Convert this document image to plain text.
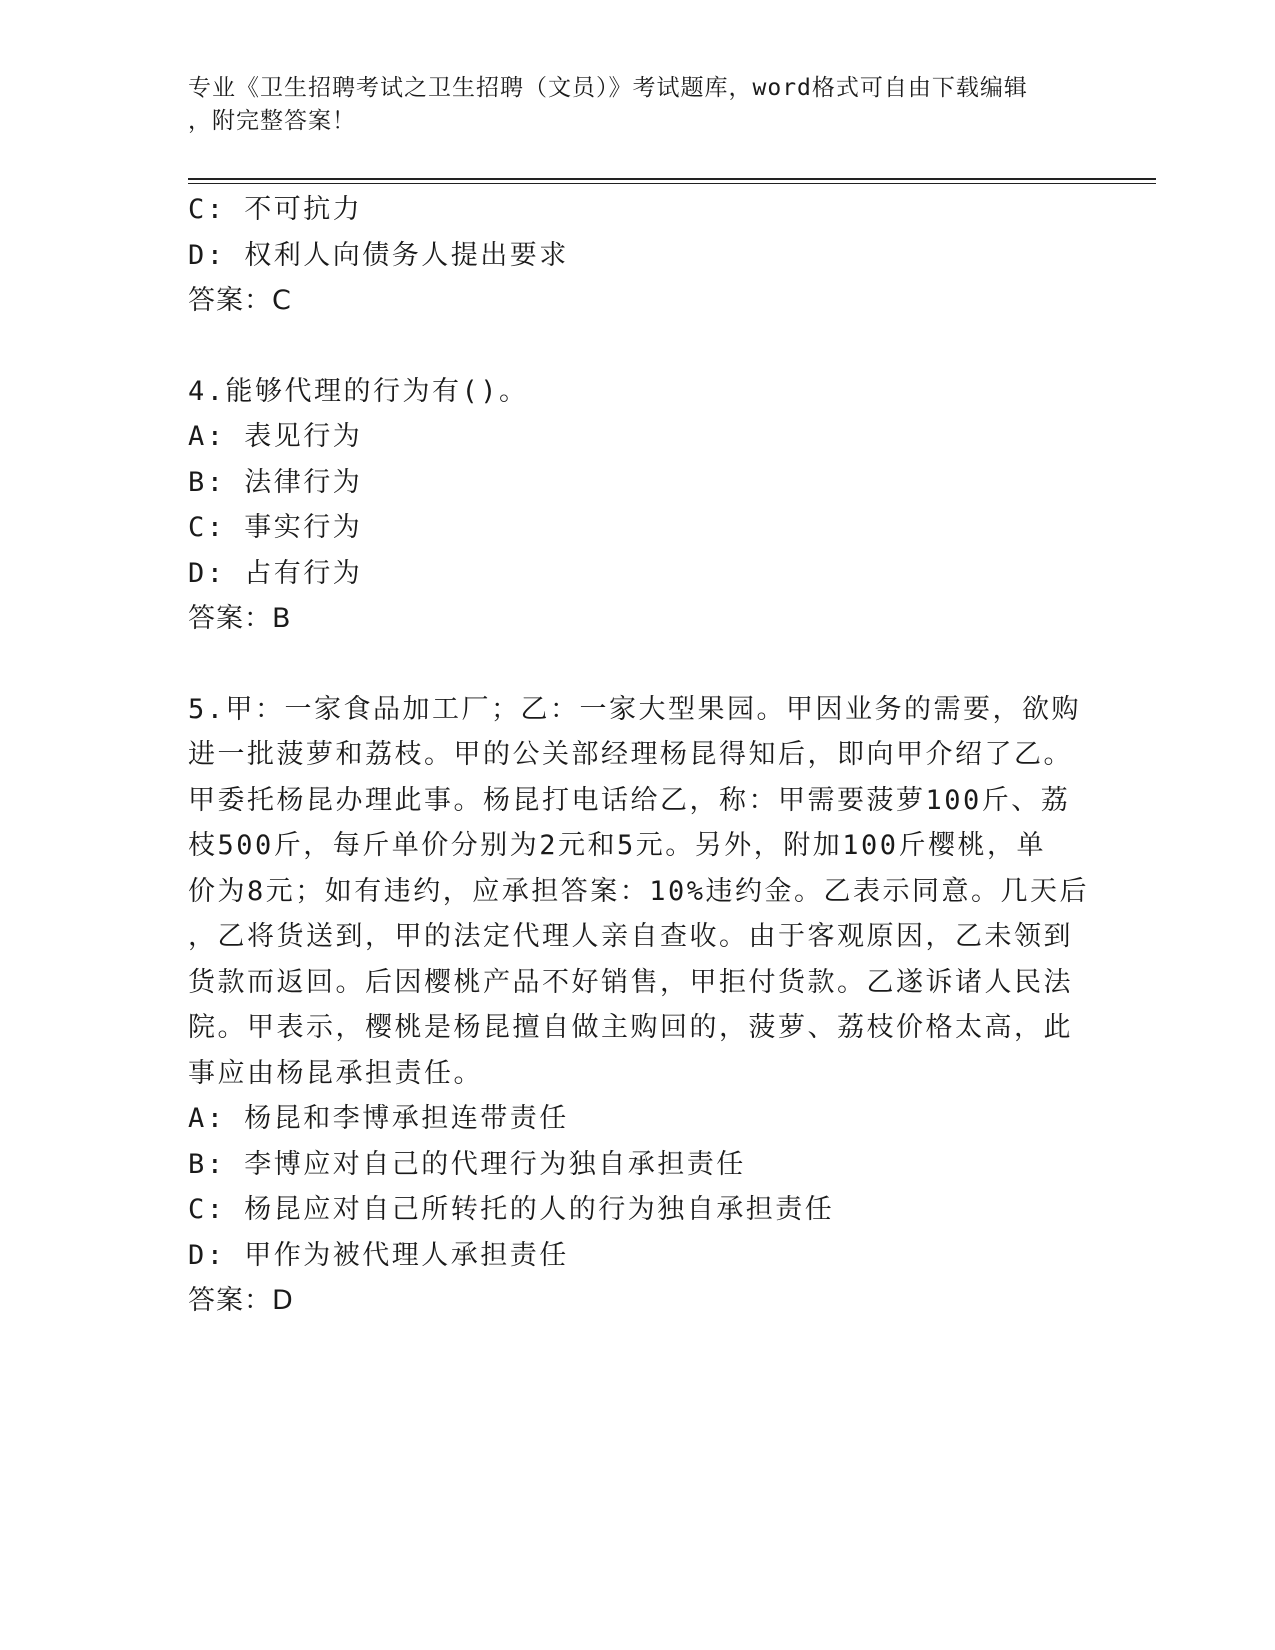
专业《卫生招聘考试之卫生招聘（文员）》考试题库，word格式可自由下载编辑
，附完整答案！
C: 不可抗力
D: 权利人向债务人提出要求
答案：C
4.能够代理的行为有()。
A: 表见行为
B: 法律行为
C: 事实行为
D: 占有行为
答案：B
5.甲：一家食品加工厂；乙：一家大型果园。甲因业务的需要，欲购
进一批菠萝和荔枝。甲的公关部经理杨昆得知后，即向甲介绍了乙。
甲委托杨昆办理此事。杨昆打电话给乙，称：甲需要菠萝100斤、荔
枝500斤，每斤单价分别为2元和5元。另外，附加100斤樱桃，单
价为8元；如有违约，应承担答案：10%违约金。乙表示同意。几天后
，乙将货送到，甲的法定代理人亲自查收。由于客观原因，乙未领到
货款而返回。后因樱桃产品不好销售，甲拒付货款。乙遂诉诸人民法
院。甲表示，樱桃是杨昆擅自做主购回的，菠萝、荔枝价格太高，此
事应由杨昆承担责任。
A: 杨昆和李博承担连带责任
B: 李博应对自己的代理行为独自承担责任
C: 杨昆应对自己所转托的人的行为独自承担责任
D: 甲作为被代理人承担责任
答案：D
